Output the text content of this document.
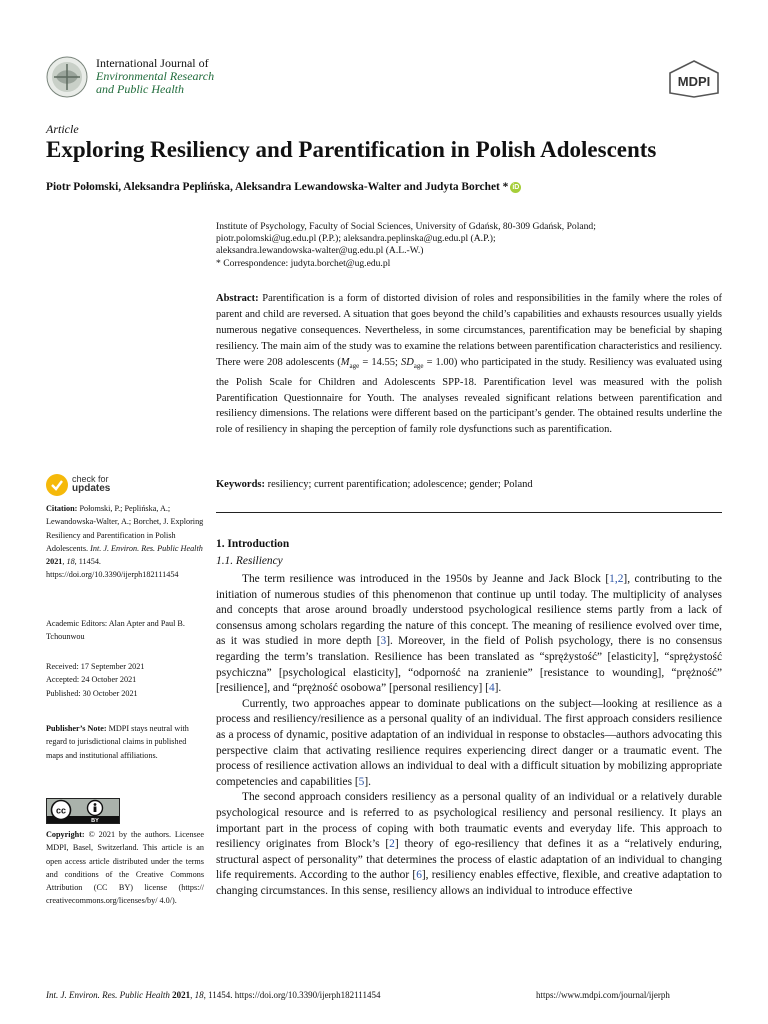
International Journal of
Environmental Research
and Public Health	MDPI
Article
Exploring Resiliency and Parentification in Polish Adolescents
Piotr Połomski, Aleksandra Peplińska, Aleksandra Lewandowska-Walter and Judyta Borchet * iD
Institute of Psychology, Faculty of Social Sciences, University of Gdańsk, 80-309 Gdańsk, Poland;
piotr.polomski@ug.edu.pl (P.P.); aleksandra.peplinska@ug.edu.pl (A.P.);
aleksandra.lewandowska-walter@ug.edu.pl (A.L.-W.)
* Correspondence: judyta.borchet@ug.edu.pl
Abstract: Parentification is a form of distorted division of roles and responsibilities in the family where the roles of parent and child are reversed. A situation that goes beyond the child’s capabilities and exhausts resources usually yields numerous negative consequences. Nevertheless, in some circumstances, parentification may be beneficial by shaping resiliency. The main aim of the study was to examine the relations between parentification characteristics and resiliency. There were 208 adolescents ($M_{age} = 14.55$; $SD_{age} = 1.00$) who participated in the study. Resiliency was evaluated using the Polish Scale for Children and Adolescents SPP-18. Parentification level was measured with the polish Parentification Questionnaire for Youth. The analyses revealed significant relations between parentification and resiliency dimensions. The relations were different based on the participant’s gender. The obtained results underline the role of resiliency in shaping the perception of family role dysfunctions such as parentification.
Keywords: resiliency; current parentification; adolescence; gender; Poland
check for
updates
Citation: Połomski, P.; Peplińska, A.; Lewandowska-Walter, A.; Borchet, J. Exploring Resiliency and Parentification in Polish Adolescents. Int. J. Environ. Res. Public Health 2021, 18, 11454. https://doi.org/10.3390/ijerph182111454
Academic Editors: Alan Apter and Paul B. Tchounwou
Received: 17 September 2021
Accepted: 24 October 2021
Published: 30 October 2021
Publisher’s Note: MDPI stays neutral with regard to jurisdictional claims in published maps and institutional affiliations.
cc
BY
Copyright: © 2021 by the authors. Licensee MDPI, Basel, Switzerland. This article is an open access article distributed under the terms and conditions of the Creative Commons Attribution (CC BY) license (https:// creativecommons.org/licenses/by/ 4.0/).
1. Introduction
1.1. Resiliency

The term resilience was introduced in the 1950s by Jeanne and Jack Block [1,2], contributing to the initiation of numerous studies of this phenomenon that continue up until today. The multiplicity of analyses and concepts that arose around broadly understood psychological resilience stems partly from a lack of consensus among scholars regarding the nature of this concept. The meaning of resilience evolved over time, as it was studied in more depth [3]. Moreover, in the field of Polish psychology, there is no consensus regarding the term’s translation. Resilience has been translated as “sprężystość” [elasticity], “sprężystość psychiczna” [psychological elasticity], “odporność na zranienie” [resistance to wounding], “prężność” [resilience], and “prężność osobowa” [personal resiliency] [4].

Currently, two approaches appear to dominate publications on the subject—looking at resilience as a process and resiliency/resilience as a personal quality of an individual. The first approach considers resilience as a process of dynamic, positive adaptation of an individual in response to obstacles—authors advocating this perspective claim that activating resilience requires experiencing direct danger or a traumatic event. The process of resilience activation allows an individual to deal with a difficult situation by mobilizing appropriate competencies and capabilities [5].

The second approach considers resiliency as a personal quality of an individual or a relatively durable psychological resource and is referred to as psychological resiliency and personal resiliency. It plays an important part in the process of coping with both traumatic events and everyday life. This approach to resiliency originates from Block’s [2] theory of ego-resiliency that defines it as a “relatively enduring, structural aspect of personality” that determines the process of elastic adaptation of an individual to changing life requirements. According to the author [6], resiliency enables effective, flexible, and creative adaptation to changing circumstances. In this sense, resiliency allows an individual to introduce effective

Int. J. Environ. Res. Public Health 2021, 18, 11454. https://doi.org/10.3390/ijerph182111454	https://www.mdpi.com/journal/ijerph
